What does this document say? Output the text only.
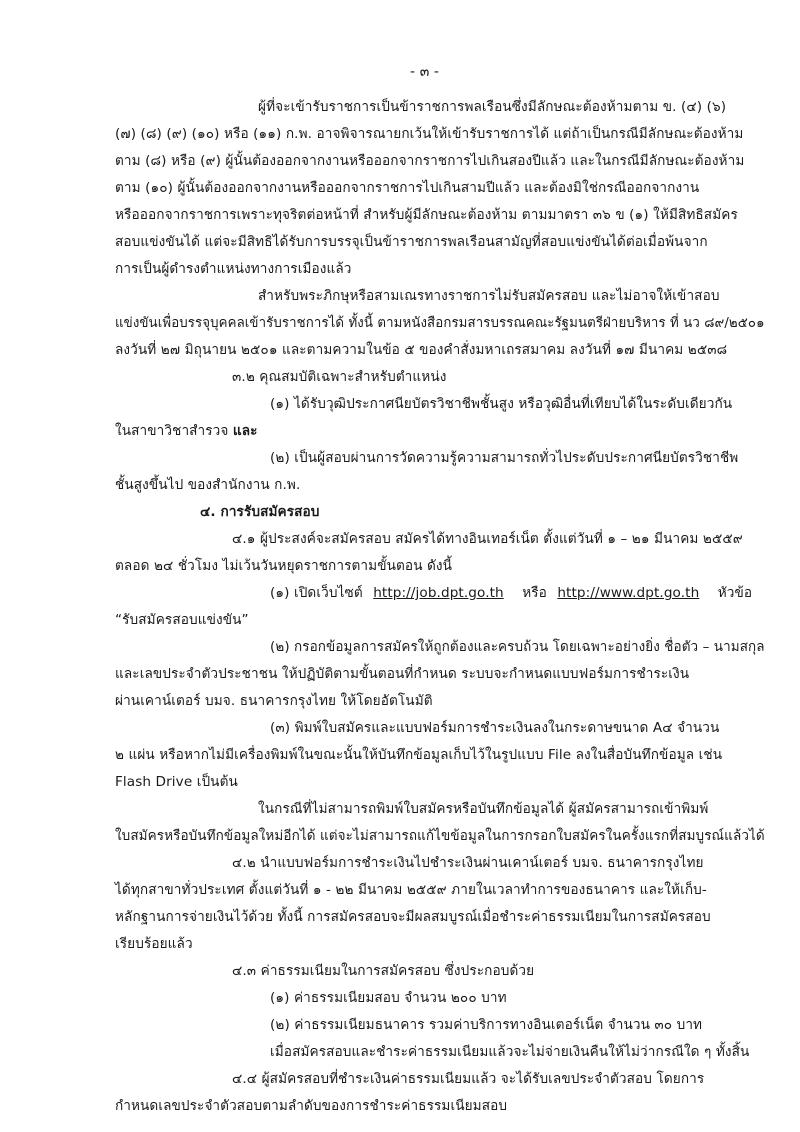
- ๓ -
ผู้ที่จะเข้ารับราชการเป็นข้าราชการพลเรือนซึ่งมีลักษณะต้องห้ามตาม ข. (๔) (๖)
(๗) (๘) (๙) (๑๐) หรือ (๑๑) ก.พ. อาจพิจารณายกเว้นให้เข้ารับราชการได้ แต่ถ้าเป็นกรณีมีลักษณะต้องห้าม
ตาม (๘) หรือ (๙) ผู้นั้นต้องออกจากงานหรือออกจากราชการไปเกินสองปีแล้ว และในกรณีมีลักษณะต้องห้าม
ตาม (๑๐) ผู้นั้นต้องออกจากงานหรือออกจากราชการไปเกินสามปีแล้ว และต้องมิใช่กรณีออกจากงาน
หรือออกจากราชการเพราะทุจริตต่อหน้าที่ สำหรับผู้มีลักษณะต้องห้าม ตามมาตรา ๓๖ ข (๑) ให้มีสิทธิสมัคร
สอบแข่งขันได้ แต่จะมีสิทธิได้รับการบรรจุเป็นข้าราชการพลเรือนสามัญที่สอบแข่งขันได้ต่อเมื่อพ้นจาก
การเป็นผู้ดำรงตำแหน่งทางการเมืองแล้ว
สำหรับพระภิกษุหรือสามเณรทางราชการไม่รับสมัครสอบ และไม่อาจให้เข้าสอบ
แข่งขันเพื่อบรรจุบุคคลเข้ารับราชการได้ ทั้งนี้ ตามหนังสือกรมสารบรรณคณะรัฐมนตรีฝ่ายบริหาร ที่ นว ๘๙/๒๕๐๑
ลงวันที่ ๒๗ มิถุนายน ๒๕๐๑ และตามความในข้อ ๕ ของคำสั่งมหาเถรสมาคม ลงวันที่ ๑๗ มีนาคม ๒๕๓๘
๓.๒ คุณสมบัติเฉพาะสำหรับตำแหน่ง
(๑) ได้รับวุฒิประกาศนียบัตรวิชาชีพชั้นสูง หรือวุฒิอื่นที่เทียบได้ในระดับเดียวกัน
ในสาขาวิชาสำรวจ และ
(๒) เป็นผู้สอบผ่านการวัดความรู้ความสามารถทั่วไประดับประกาศนียบัตรวิชาชีพ
ชั้นสูงขึ้นไป ของสำนักงาน ก.พ.
๔. การรับสมัครสอบ
๔.๑ ผู้ประสงค์จะสมัครสอบ สมัครได้ทางอินเทอร์เน็ต ตั้งแต่วันที่ ๑ – ๒๑ มีนาคม ๒๕๕๙
ตลอด ๒๔ ชั่วโมง ไม่เว้นวันหยุดราชการตามขั้นตอน ดังนี้
(๑) เปิดเว็บไซต์ http://job.dpt.go.th หรือ http://www.dpt.go.th หัวข้อ
“รับสมัครสอบแข่งขัน”
(๒) กรอกข้อมูลการสมัครให้ถูกต้องและครบถ้วน โดยเฉพาะอย่างยิ่ง ชื่อตัว – นามสกุล
และเลขประจำตัวประชาชน ให้ปฏิบัติตามขั้นตอนที่กำหนด ระบบจะกำหนดแบบฟอร์มการชำระเงิน
ผ่านเคาน์เตอร์ บมจ. ธนาคารกรุงไทย ให้โดยอัตโนมัติ
(๓) พิมพ์ใบสมัครและแบบฟอร์มการชำระเงินลงในกระดาษขนาด A๔ จำนวน
๒ แผ่น หรือหากไม่มีเครื่องพิมพ์ในขณะนั้นให้บันทึกข้อมูลเก็บไว้ในรูปแบบ File ลงในสื่อบันทึกข้อมูล เช่น
Flash Drive เป็นต้น
ในกรณีที่ไม่สามารถพิมพ์ใบสมัครหรือบันทึกข้อมูลได้ ผู้สมัครสามารถเข้าพิมพ์
ใบสมัครหรือบันทึกข้อมูลใหม่อีกได้ แต่จะไม่สามารถแก้ไขข้อมูลในการกรอกใบสมัครในครั้งแรกที่สมบูรณ์แล้วได้
๔.๒ นำแบบฟอร์มการชำระเงินไปชำระเงินผ่านเคาน์เตอร์ บมจ. ธนาคารกรุงไทย
ได้ทุกสาขาทั่วประเทศ ตั้งแต่วันที่ ๑ - ๒๒ มีนาคม ๒๕๕๙ ภายในเวลาทำการของธนาคาร และให้เก็บ-
หลักฐานการจ่ายเงินไว้ด้วย ทั้งนี้ การสมัครสอบจะมีผลสมบูรณ์เมื่อชำระค่าธรรมเนียมในการสมัครสอบ
เรียบร้อยแล้ว
๔.๓ ค่าธรรมเนียมในการสมัครสอบ ซึ่งประกอบด้วย
(๑) ค่าธรรมเนียมสอบ จำนวน ๒๐๐ บาท
(๒) ค่าธรรมเนียมธนาคาร รวมค่าบริการทางอินเตอร์เน็ต จำนวน ๓๐ บาท
เมื่อสมัครสอบและชำระค่าธรรมเนียมแล้วจะไม่จ่ายเงินคืนให้ไม่ว่ากรณีใด ๆ ทั้งสิ้น
๔.๔ ผู้สมัครสอบที่ชำระเงินค่าธรรมเนียมแล้ว จะได้รับเลขประจำตัวสอบ โดยการ
กำหนดเลขประจำตัวสอบตามลำดับของการชำระค่าธรรมเนียมสอบ
